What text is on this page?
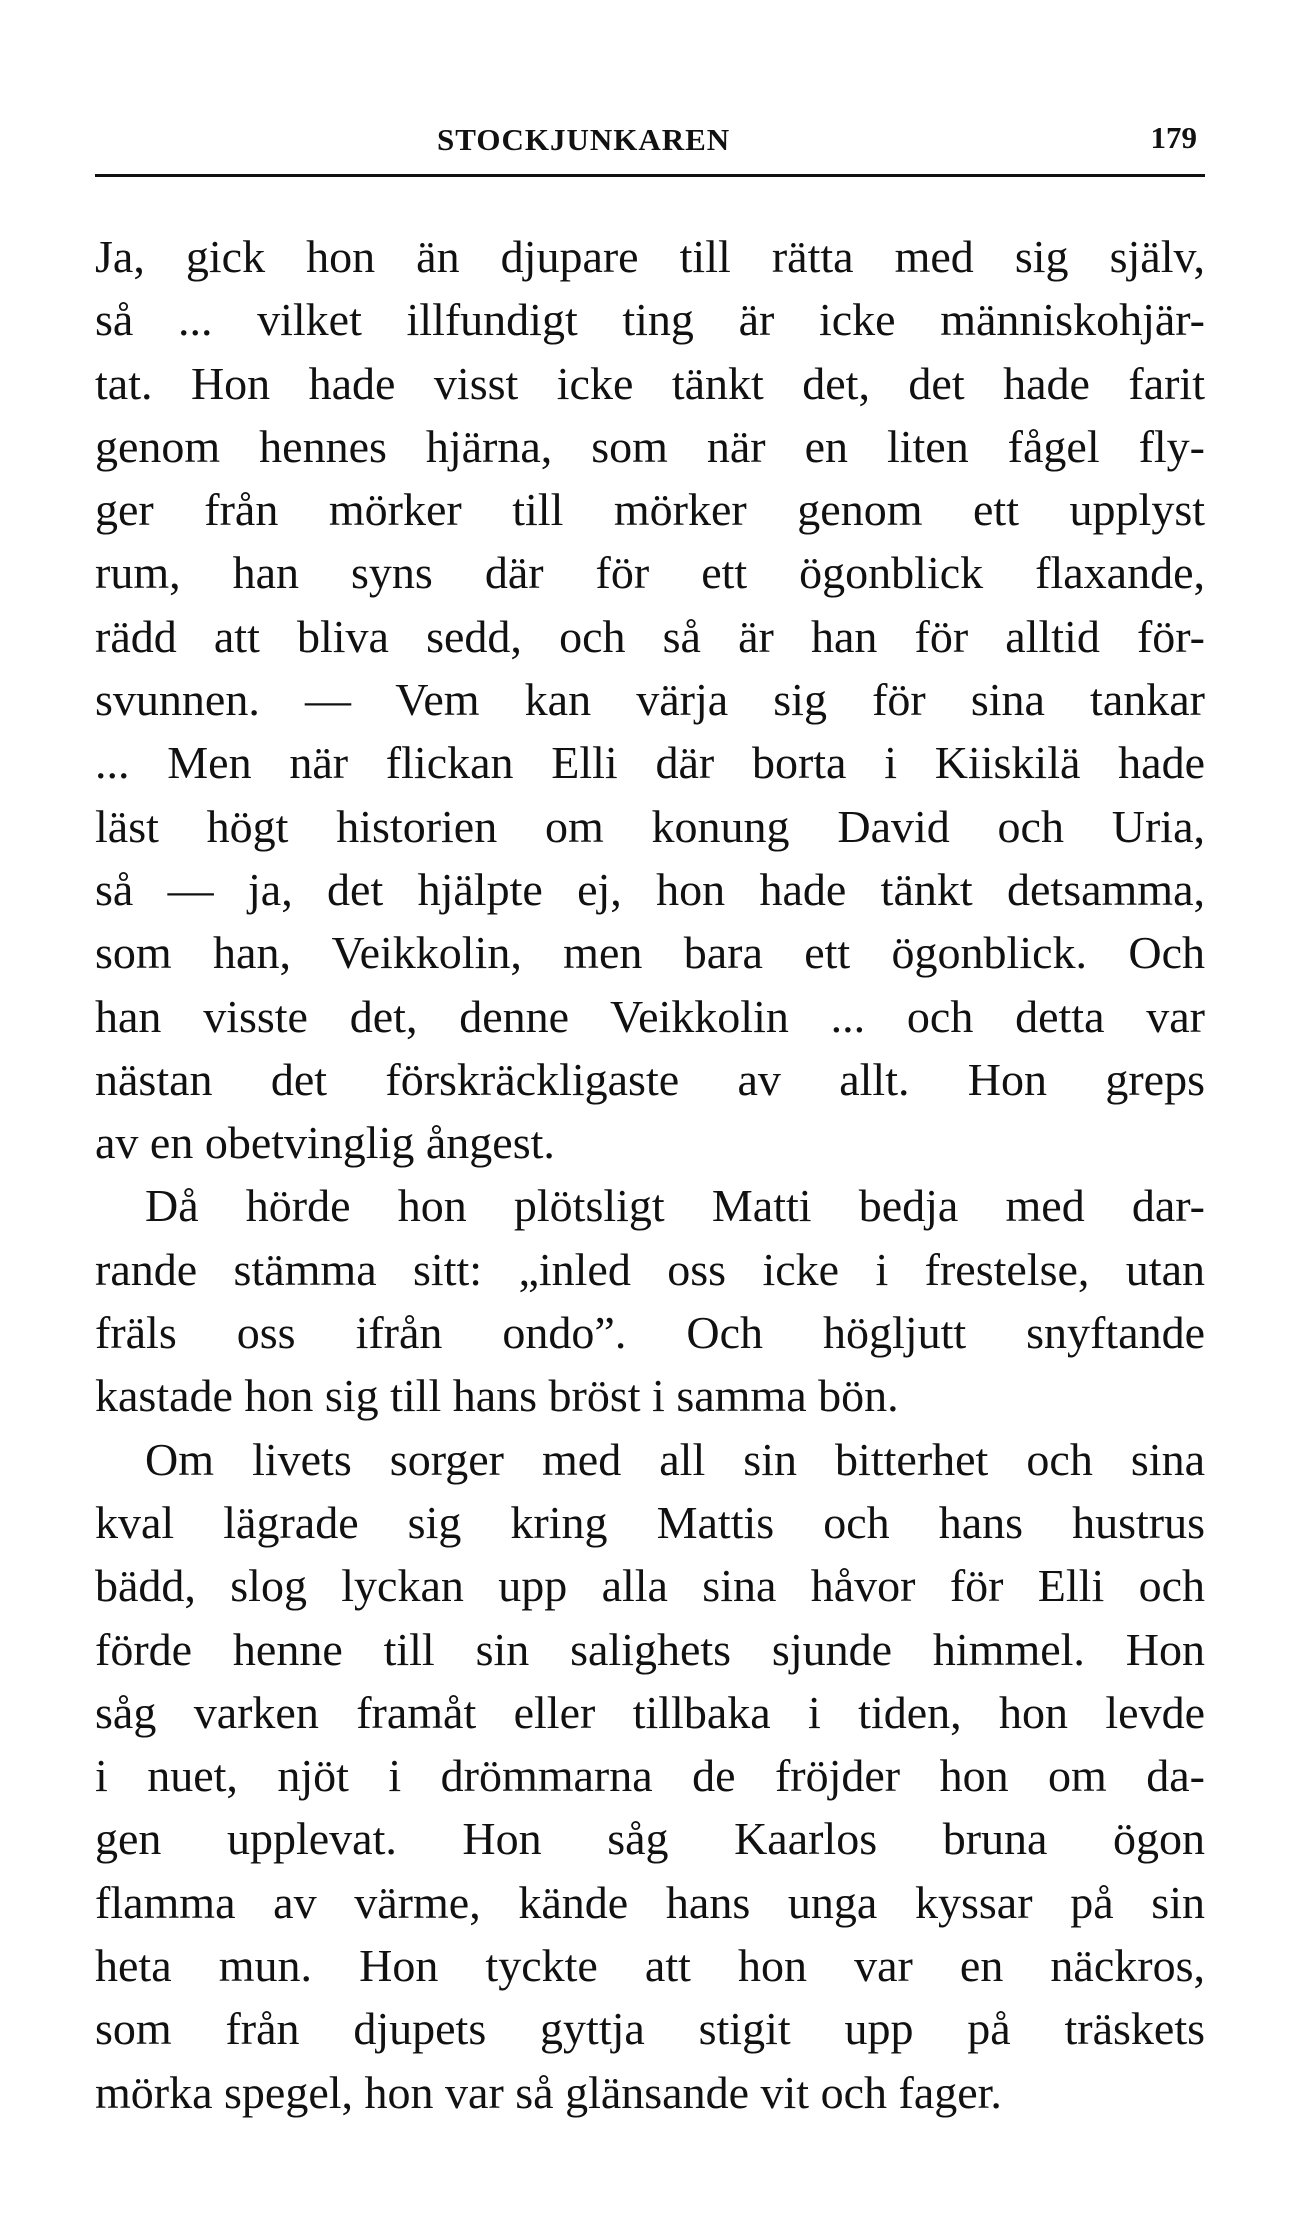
STOCKJUNKAREN	179
Ja, gick hon än djupare till rätta med sig själv,
så ... vilket illfundigt ting är icke människohjär-
tat. Hon hade visst icke tänkt det, det hade farit
genom hennes hjärna, som när en liten fågel fly-
ger från mörker till mörker genom ett upplyst
rum, han syns där för ett ögonblick flaxande,
rädd att bliva sedd, och så är han för alltid för-
svunnen. — Vem kan värja sig för sina tankar
... Men när flickan Elli där borta i Kiiskilä hade
läst högt historien om konung David och Uria,
så — ja, det hjälpte ej, hon hade tänkt detsamma,
som han, Veikkolin, men bara ett ögonblick. Och
han visste det, denne Veikkolin ... och detta var
nästan det förskräckligaste av allt. Hon greps
av en obetvinglig ångest.
Då hörde hon plötsligt Matti bedja med dar-
rande stämma sitt: „inled oss icke i frestelse, utan
fräls oss ifrån ondo”. Och högljutt snyftande
kastade hon sig till hans bröst i samma bön.
Om livets sorger med all sin bitterhet och sina
kval lägrade sig kring Mattis och hans hustrus
bädd, slog lyckan upp alla sina håvor för Elli och
förde henne till sin salighets sjunde himmel. Hon
såg varken framåt eller tillbaka i tiden, hon levde
i nuet, njöt i drömmarna de fröjder hon om da-
gen upplevat. Hon såg Kaarlos bruna ögon
flamma av värme, kände hans unga kyssar på sin
heta mun. Hon tyckte att hon var en näckros,
som från djupets gyttja stigit upp på träskets
mörka spegel, hon var så glänsande vit och fager.
